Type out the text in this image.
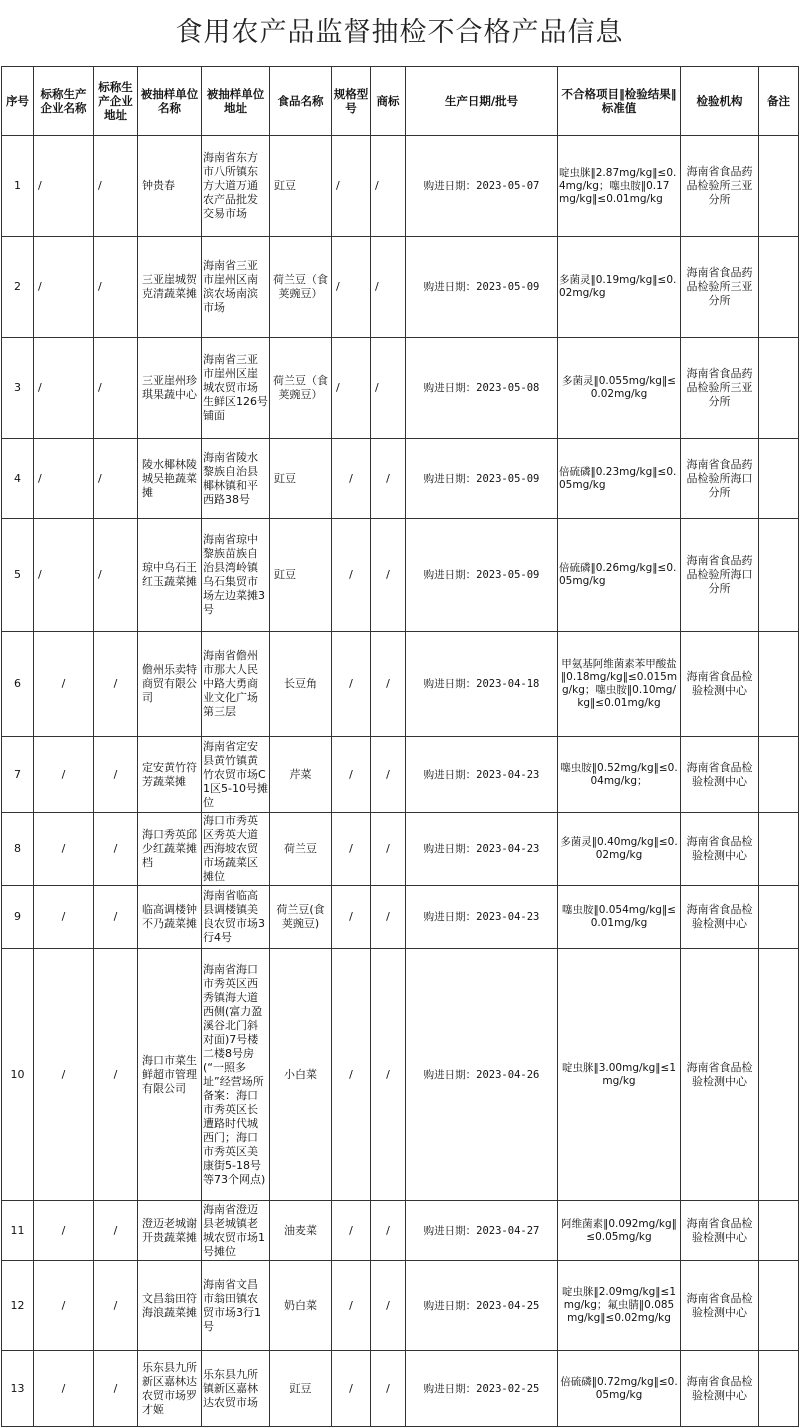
食用农产品监督抽检不合格产品信息
序号	标称生产企业名称	标称生产企业地址	被抽样单位名称	被抽样单位地址	食品名称	规格型号	商标	生产日期/批号	不合格项目‖检验结果‖标准值	检验机构	备注
1	/	/	钟贵春	海南省东方市八所镇东方大道万通农产品批发交易市场	豇豆	/	/	购进日期：2023-05-07	啶虫脒‖2.87mg/kg‖≤0.4mg/kg；噻虫胺‖0.17mg/kg‖≤0.01mg/kg	海南省食品药品检验所三亚分所	
2	/	/	三亚崖城贺克清蔬菜摊	海南省三亚市崖州区南滨农场南滨市场	荷兰豆（食荚豌豆）	/	/	购进日期：2023-05-09	多菌灵‖0.19mg/kg‖≤0.02mg/kg	海南省食品药品检验所三亚分所	
3	/	/	三亚崖州珍琪果蔬中心	海南省三亚市崖州区崖城农贸市场生鲜区126号铺面	荷兰豆（食荚豌豆）	/	/	购进日期：2023-05-08	多菌灵‖0.055mg/kg‖≤0.02mg/kg	海南省食品药品检验所三亚分所	
4	/	/	陵水椰林陵城吴艳蔬菜摊	海南省陵水黎族自治县椰林镇和平西路38号	豇豆	/	/	购进日期：2023-05-09	倍硫磷‖0.23mg/kg‖≤0.05mg/kg	海南省食品药品检验所海口分所	
5	/	/	琼中乌石王红玉蔬菜摊	海南省琼中黎族苗族自治县湾岭镇乌石集贸市场左边菜摊3号	豇豆	/	/	购进日期：2023-05-09	倍硫磷‖0.26mg/kg‖≤0.05mg/kg	海南省食品药品检验所海口分所	
6	/	/	儋州乐卖特商贸有限公司	海南省儋州市那大人民中路大勇商业文化广场第三层	长豆角	/	/	购进日期：2023-04-18	甲氨基阿维菌素苯甲酸盐‖0.18mg/kg‖≤0.015mg/kg；噻虫胺‖0.10mg/kg‖≤0.01mg/kg	海南省食品检验检测中心	
7	/	/	定安黄竹符芳蔬菜摊	海南省定安县黄竹镇黄竹农贸市场C1区5-10号摊位	芹菜	/	/	购进日期：2023-04-23	噻虫胺‖0.52mg/kg‖≤0.04mg/kg；	海南省食品检验检测中心	
8	/	/	海口秀英邱少红蔬菜摊档	海口市秀英区秀英大道西海坡农贸市场蔬菜区摊位	荷兰豆	/	/	购进日期：2023-04-23	多菌灵‖0.40mg/kg‖≤0.02mg/kg	海南省食品检验检测中心	
9	/	/	临高调楼钟不乃蔬菜摊	海南省临高县调楼镇美良农贸市场3行4号	荷兰豆(食荚豌豆)	/	/	购进日期：2023-04-23	噻虫胺‖0.054mg/kg‖≤0.01mg/kg	海南省食品检验检测中心	
10	/	/	海口市菜生鲜超市管理有限公司	海南省海口市秀英区西秀镇海大道西侧(富力盈溪谷北门斜对面)7号楼二楼8号房(“一照多址”经营场所备案：海口市秀英区长遭路时代城西门；海口市秀英区美康街5-18号等73个网点)	小白菜	/	/	购进日期：2023-04-26	啶虫脒‖3.00mg/kg‖≤1mg/kg	海南省食品检验检测中心	
11	/	/	澄迈老城谢开贵蔬菜摊	海南省澄迈县老城镇老城农贸市场1号摊位	油麦菜	/	/	购进日期：2023-04-27	阿维菌素‖0.092mg/kg‖≤0.05mg/kg	海南省食品检验检测中心	
12	/	/	文昌翁田符海浪蔬菜摊	海南省文昌市翁田镇农贸市场3行1号	奶白菜	/	/	购进日期：2023-04-25	啶虫脒‖2.09mg/kg‖≤1mg/kg；氟虫腈‖0.085mg/kg‖≤0.02mg/kg	海南省食品检验检测中心	
13	/	/	乐东县九所新区嘉林达农贸市场罗才姬	乐东县九所镇新区嘉林达农贸市场	豇豆	/	/	购进日期：2023-02-25	倍硫磷‖0.72mg/kg‖≤0.05mg/kg	海南省食品检验检测中心	
